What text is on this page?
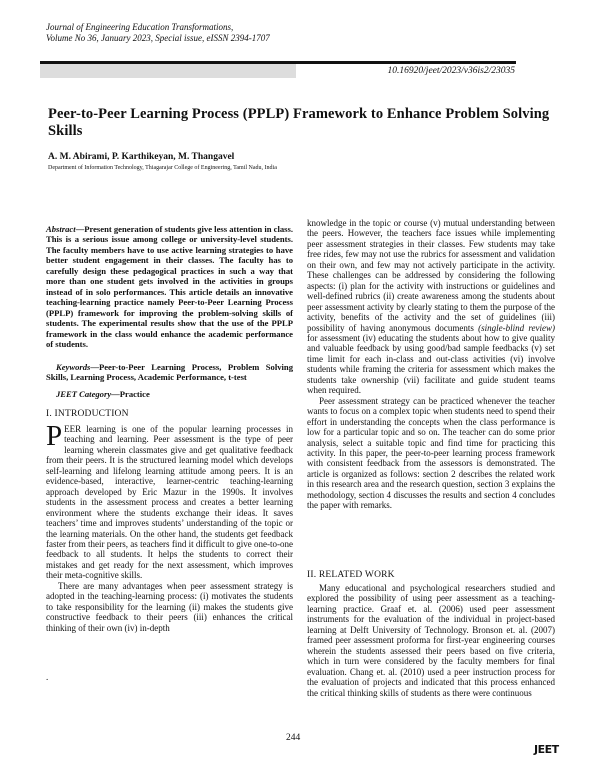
Journal of Engineering Education Transformations,
Volume No 36, January 2023, Special issue, eISSN 2394-1707
10.16920/jeet/2023/v36is2/23035
Peer-to-Peer Learning Process (PPLP) Framework to Enhance Problem Solving Skills
A. M. Abirami, P. Karthikeyan, M. Thangavel
Department of Information Technology, Thiagarajar College of Engineering, Tamil Nadu, India
Abstract—Present generation of students give less attention in class. This is a serious issue among college or university-level students. The faculty members have to use active learning strategies to have better student engagement in their classes. The faculty has to carefully design these pedagogical practices in such a way that more than one student gets involved in the activities in groups instead of in solo performances. This article details an innovative teaching-learning practice namely Peer-to-Peer Learning Process (PPLP) framework for improving the problem-solving skills of students. The experimental results show that the use of the PPLP framework in the class would enhance the academic performance of students.
Keywords—Peer-to-Peer Learning Process, Problem Solving Skills, Learning Process, Academic Performance, t-test
JEET Category—Practice
I. INTRODUCTION

PEER learning is one of the popular learning processes in teaching and learning. Peer assessment is the type of peer learning wherein classmates give and get qualitative feedback from their peers. It is the structured learning model which develops self-learning and lifelong learning attitude among peers. It is an evidence-based, interactive, learner-centric teaching-learning approach developed by Eric Mazur in the 1990s. It involves students in the assessment process and creates a better learning environment where the students exchange their ideas. It saves teachers’ time and improves students’ understanding of the topic or the learning materials. On the other hand, the students get feedback faster from their peers, as teachers find it difficult to give one-to-one feedback to all students. It helps the students to correct their mistakes and get ready for the next assessment, which improves their meta-cognitive skills.

There are many advantages when peer assessment strategy is adopted in the teaching-learning process: (i) motivates the students to take responsibility for the learning (ii) makes the students give constructive feedback to their peers (iii) enhances the critical thinking of their own (iv) in-depth

.

knowledge in the topic or course (v) mutual understanding between the peers. However, the teachers face issues while implementing peer assessment strategies in their classes. Few students may take free rides, few may not use the rubrics for assessment and validation on their own, and few may not actively participate in the activity. These challenges can be addressed by considering the following aspects: (i) plan for the activity with instructions or guidelines and well-defined rubrics (ii) create awareness among the students about peer assessment activity by clearly stating to them the purpose of the activity, benefits of the activity and the set of guidelines (iii) possibility of having anonymous documents (single-blind review) for assessment (iv) educating the students about how to give quality and valuable feedback by using good/bad sample feedbacks (v) set time limit for each in-class and out-class activities (vi) involve students while framing the criteria for assessment which makes the students take ownership (vii) facilitate and guide student teams when required.

Peer assessment strategy can be practiced whenever the teacher wants to focus on a complex topic when students need to spend their effort in understanding the concepts when the class performance is low for a particular topic and so on. The teacher can do some prior analysis, select a suitable topic and find time for practicing this activity. In this paper, the peer-to-peer learning process framework with consistent feedback from the assessors is demonstrated. The article is organized as follows: section 2 describes the related work in this research area and the research question, section 3 explains the methodology, section 4 discusses the results and section 4 concludes the paper with remarks.

II. RELATED WORK

Many educational and psychological researchers studied and explored the possibility of using peer assessment as a teaching-learning practice. Graaf et. al. (2006) used peer assessment instruments for the evaluation of the individual in project-based learning at Delft University of Technology. Bronson et. al. (2007) framed peer assessment proforma for first-year engineering courses wherein the students assessed their peers based on five criteria, which in turn were considered by the faculty members for final evaluation. Chang et. al. (2010) used a peer instruction process for the evaluation of projects and indicated that this process enhanced the critical thinking skills of students as there were continuous

244
JEET
